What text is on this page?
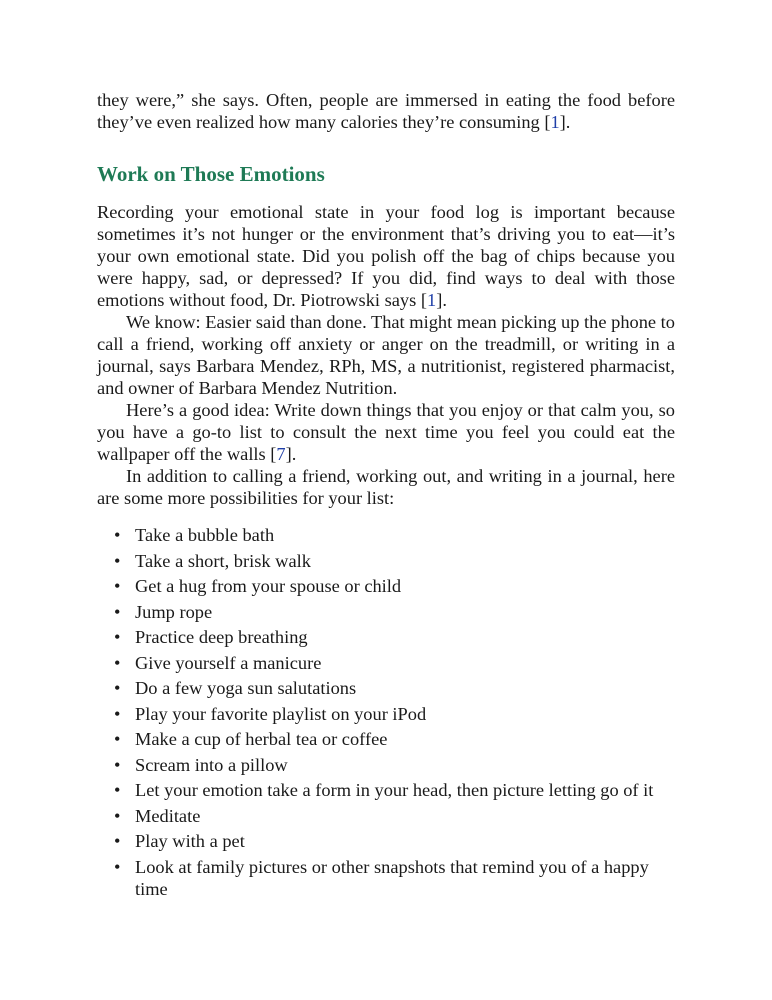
they were,” she says. Often, people are immersed in eating the food before they’ve even realized how many calories they’re consuming [1].

Work on Those Emotions

Recording your emotional state in your food log is important because sometimes it’s not hunger or the environment that’s driving you to eat—it’s your own emotional state. Did you polish off the bag of chips because you were happy, sad, or depressed? If you did, find ways to deal with those emotions without food, Dr. Piotrowski says [1].

We know: Easier said than done. That might mean picking up the phone to call a friend, working off anxiety or anger on the treadmill, or writing in a journal, says Barbara Mendez, RPh, MS, a nutritionist, registered pharmacist, and owner of Barbara Mendez Nutrition.

Here’s a good idea: Write down things that you enjoy or that calm you, so you have a go-to list to consult the next time you feel you could eat the wallpaper off the walls [7].

In addition to calling a friend, working out, and writing in a journal, here are some more possibilities for your list:

• Take a bubble bath
• Take a short, brisk walk
• Get a hug from your spouse or child
• Jump rope
• Practice deep breathing
• Give yourself a manicure
• Do a few yoga sun salutations
• Play your favorite playlist on your iPod
• Make a cup of herbal tea or coffee
• Scream into a pillow
• Let your emotion take a form in your head, then picture letting go of it
• Meditate
• Play with a pet
• Look at family pictures or other snapshots that remind you of a happy time
